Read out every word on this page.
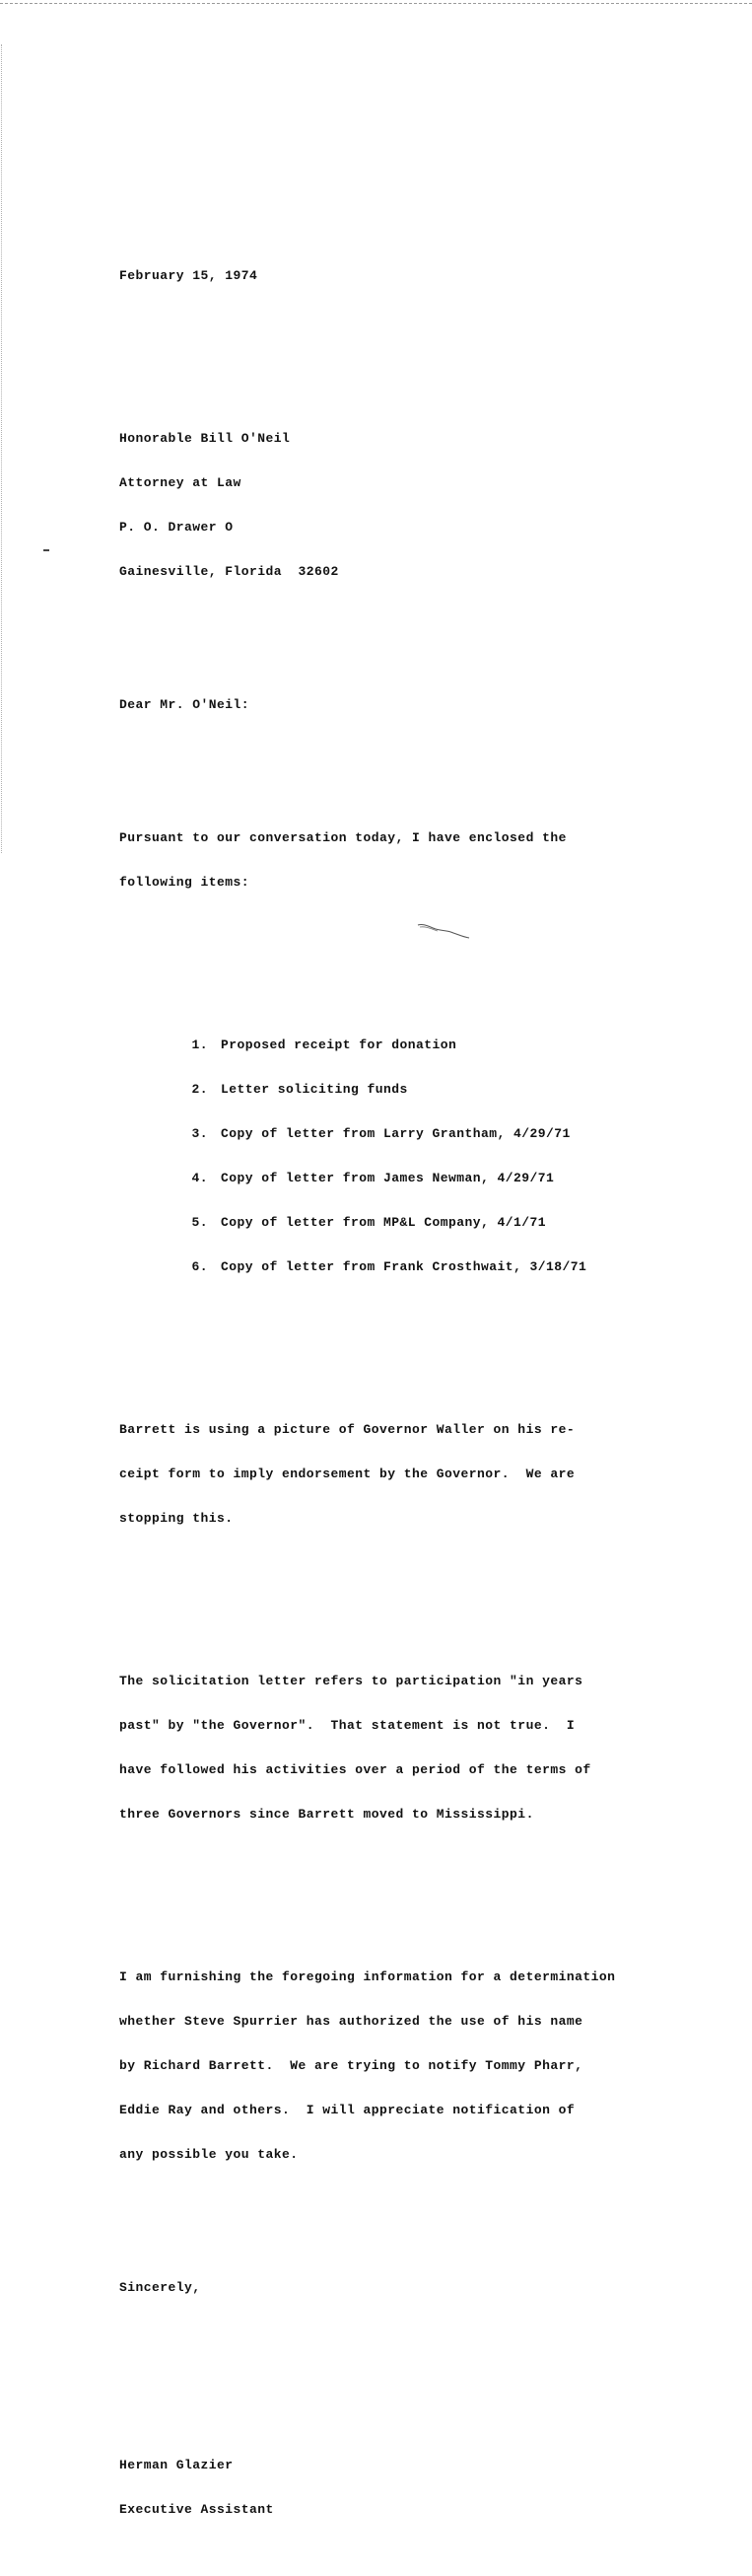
February 15, 1974

Honorable Bill O'Neil

Attorney at Law

P. O. Drawer O

Gainesville, Florida  32602

Dear Mr. O'Neil:

Pursuant to our conversation today, I have enclosed the

following items:

1.	Proposed receipt for donation

2.	Letter soliciting funds

3.	Copy of letter from Larry Grantham, 4/29/71

4.	Copy of letter from James Newman, 4/29/71

5.	Copy of letter from MP&L Company, 4/1/71

6.	Copy of letter from Frank Crosthwait, 3/18/71

Barrett is using a picture of Governor Waller on his re-

ceipt form to imply endorsement by the Governor.  We are

stopping this.

The solicitation letter refers to participation "in years

past" by "the Governor".  That statement is not true.  I

have followed his activities over a period of the terms of

three Governors since Barrett moved to Mississippi.

I am furnishing the foregoing information for a determination

whether Steve Spurrier has authorized the use of his name

by Richard Barrett.  We are trying to notify Tommy Pharr,

Eddie Ray and others.  I will appreciate notification of

any possible you take.

Sincerely,

Herman Glazier

Executive Assistant
